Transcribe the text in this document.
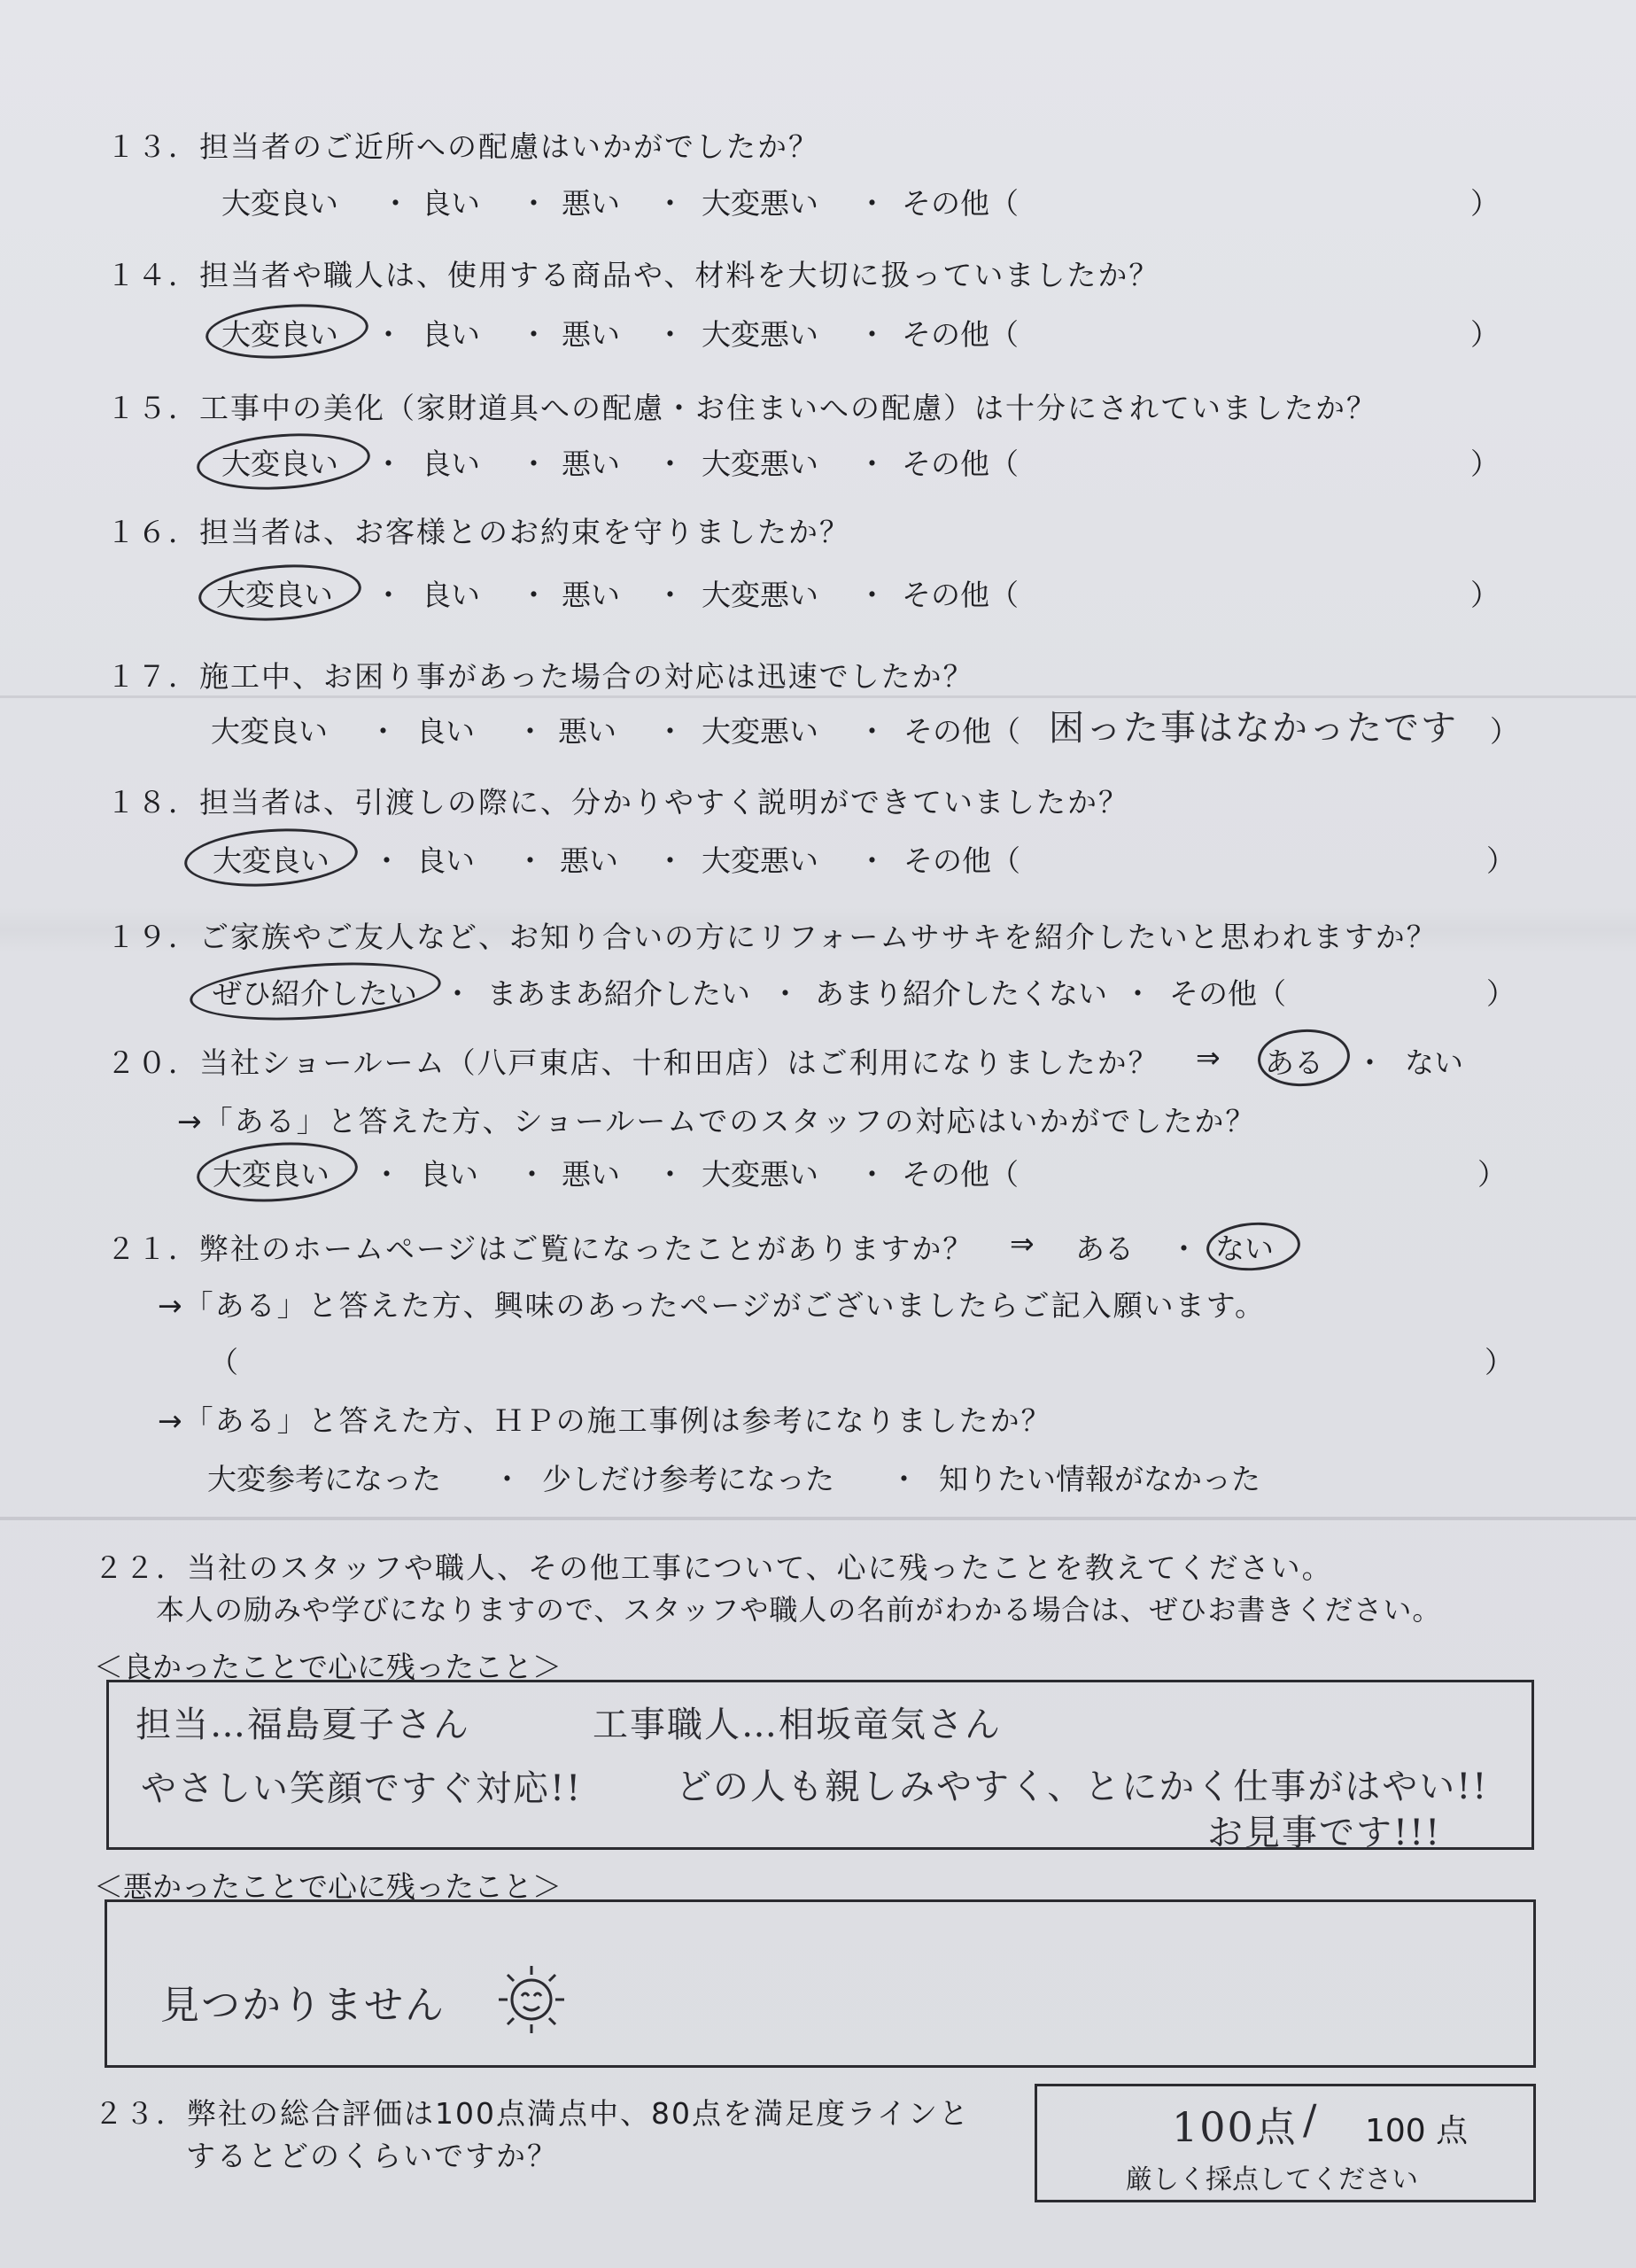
１３．担当者のご近所への配慮はいかがでしたか？
大変良い ・ 良い ・ 悪い ・ 大変悪い ・ その他（	）
１４．担当者や職人は、使用する商品や、材料を大切に扱っていましたか？
大変良い ・ 良い ・ 悪い ・ 大変悪い ・ その他（	）
１５．工事中の美化（家財道具への配慮・お住まいへの配慮）は十分にされていましたか？
大変良い ・ 良い ・ 悪い ・ 大変悪い ・ その他（	）
１６．担当者は、お客様とのお約束を守りましたか？
大変良い ・ 良い ・ 悪い ・ 大変悪い ・ その他（	）
１７．施工中、お困り事があった場合の対応は迅速でしたか？
大変良い ・ 良い ・ 悪い ・ 大変悪い ・ その他（	）
困った事はなかったです
１８．担当者は、引渡しの際に、分かりやすく説明ができていましたか？
大変良い ・ 良い ・ 悪い ・ 大変悪い ・ その他（	）
１９．ご家族やご友人など、お知り合いの方にリフォームササキを紹介したいと思われますか？
ぜひ紹介したい ・ まあまあ紹介したい ・ あまり紹介したくない ・ その他（	）
２０．当社ショールーム（八戸東店、十和田店）はご利用になりましたか？ ⇒ ある ・ ない
→「ある」と答えた方、ショールームでのスタッフの対応はいかがでしたか？
大変良い ・ 良い ・ 悪い ・ 大変悪い ・ その他（	）
２１．弊社のホームページはご覧になったことがありますか？ ⇒ ある ・ ない
→「ある」と答えた方、興味のあったページがございましたらご記入願います。
（	）
→「ある」と答えた方、ＨＰの施工事例は参考になりましたか？
大変参考になった ・ 少しだけ参考になった ・ 知りたい情報がなかった
２２．当社のスタッフや職人、その他工事について、心に残ったことを教えてください。
本人の励みや学びになりますので、スタッフや職人の名前がわかる場合は、ぜひお書きください。
＜良かったことで心に残ったこと＞
担当…福島夏子さん	工事職人…相坂竜気さん
やさしい笑顔ですぐ対応!!	どの人も親しみやすく、とにかく仕事がはやい!!
お見事です!!!
＜悪かったことで心に残ったこと＞
見つかりません
２３．弊社の総合評価は100点満点中、80点を満足度ラインと
するとどのくらいですか？
100点 / 100 点
厳しく採点してください
